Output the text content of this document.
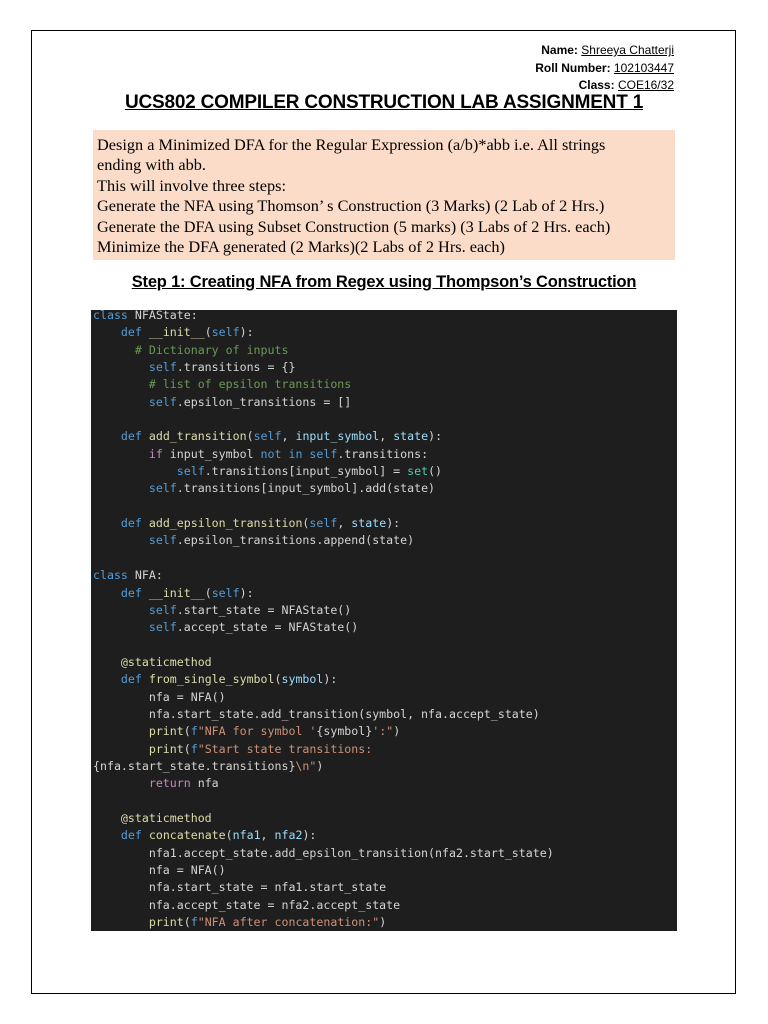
Name: Shreeya Chatterji
Roll Number: 102103447
Class: COE16/32
UCS802 COMPILER CONSTRUCTION LAB ASSIGNMENT 1
Design a Minimized DFA for the Regular Expression (a/b)*abb i.e. All strings
ending with abb.
This will involve three steps:
Generate the NFA using Thomson’ s Construction (3 Marks) (2 Lab of 2 Hrs.)
Generate the DFA using Subset Construction (5 marks) (3 Labs of 2 Hrs. each)
Minimize the DFA generated (2 Marks)(2 Labs of 2 Hrs. each)
Step 1: Creating NFA from Regex using Thompson’s Construction
class NFAState:
def __init__(self):
# Dictionary of inputs
self.transitions = {}
# list of epsilon transitions
self.epsilon_transitions = []
def add_transition(self, input_symbol, state):
if input_symbol not in self.transitions:
self.transitions[input_symbol] = set()
self.transitions[input_symbol].add(state)
def add_epsilon_transition(self, state):
self.epsilon_transitions.append(state)
class NFA:
def __init__(self):
self.start_state = NFAState()
self.accept_state = NFAState()
@staticmethod
def from_single_symbol(symbol):
nfa = NFA()
nfa.start_state.add_transition(symbol, nfa.accept_state)
print(f"NFA for symbol '{symbol}':")
print(f"Start state transitions:
{nfa.start_state.transitions}\n")
return nfa
@staticmethod
def concatenate(nfa1, nfa2):
nfa1.accept_state.add_epsilon_transition(nfa2.start_state)
nfa = NFA()
nfa.start_state = nfa1.start_state
nfa.accept_state = nfa2.accept_state
print(f"NFA after concatenation:")
